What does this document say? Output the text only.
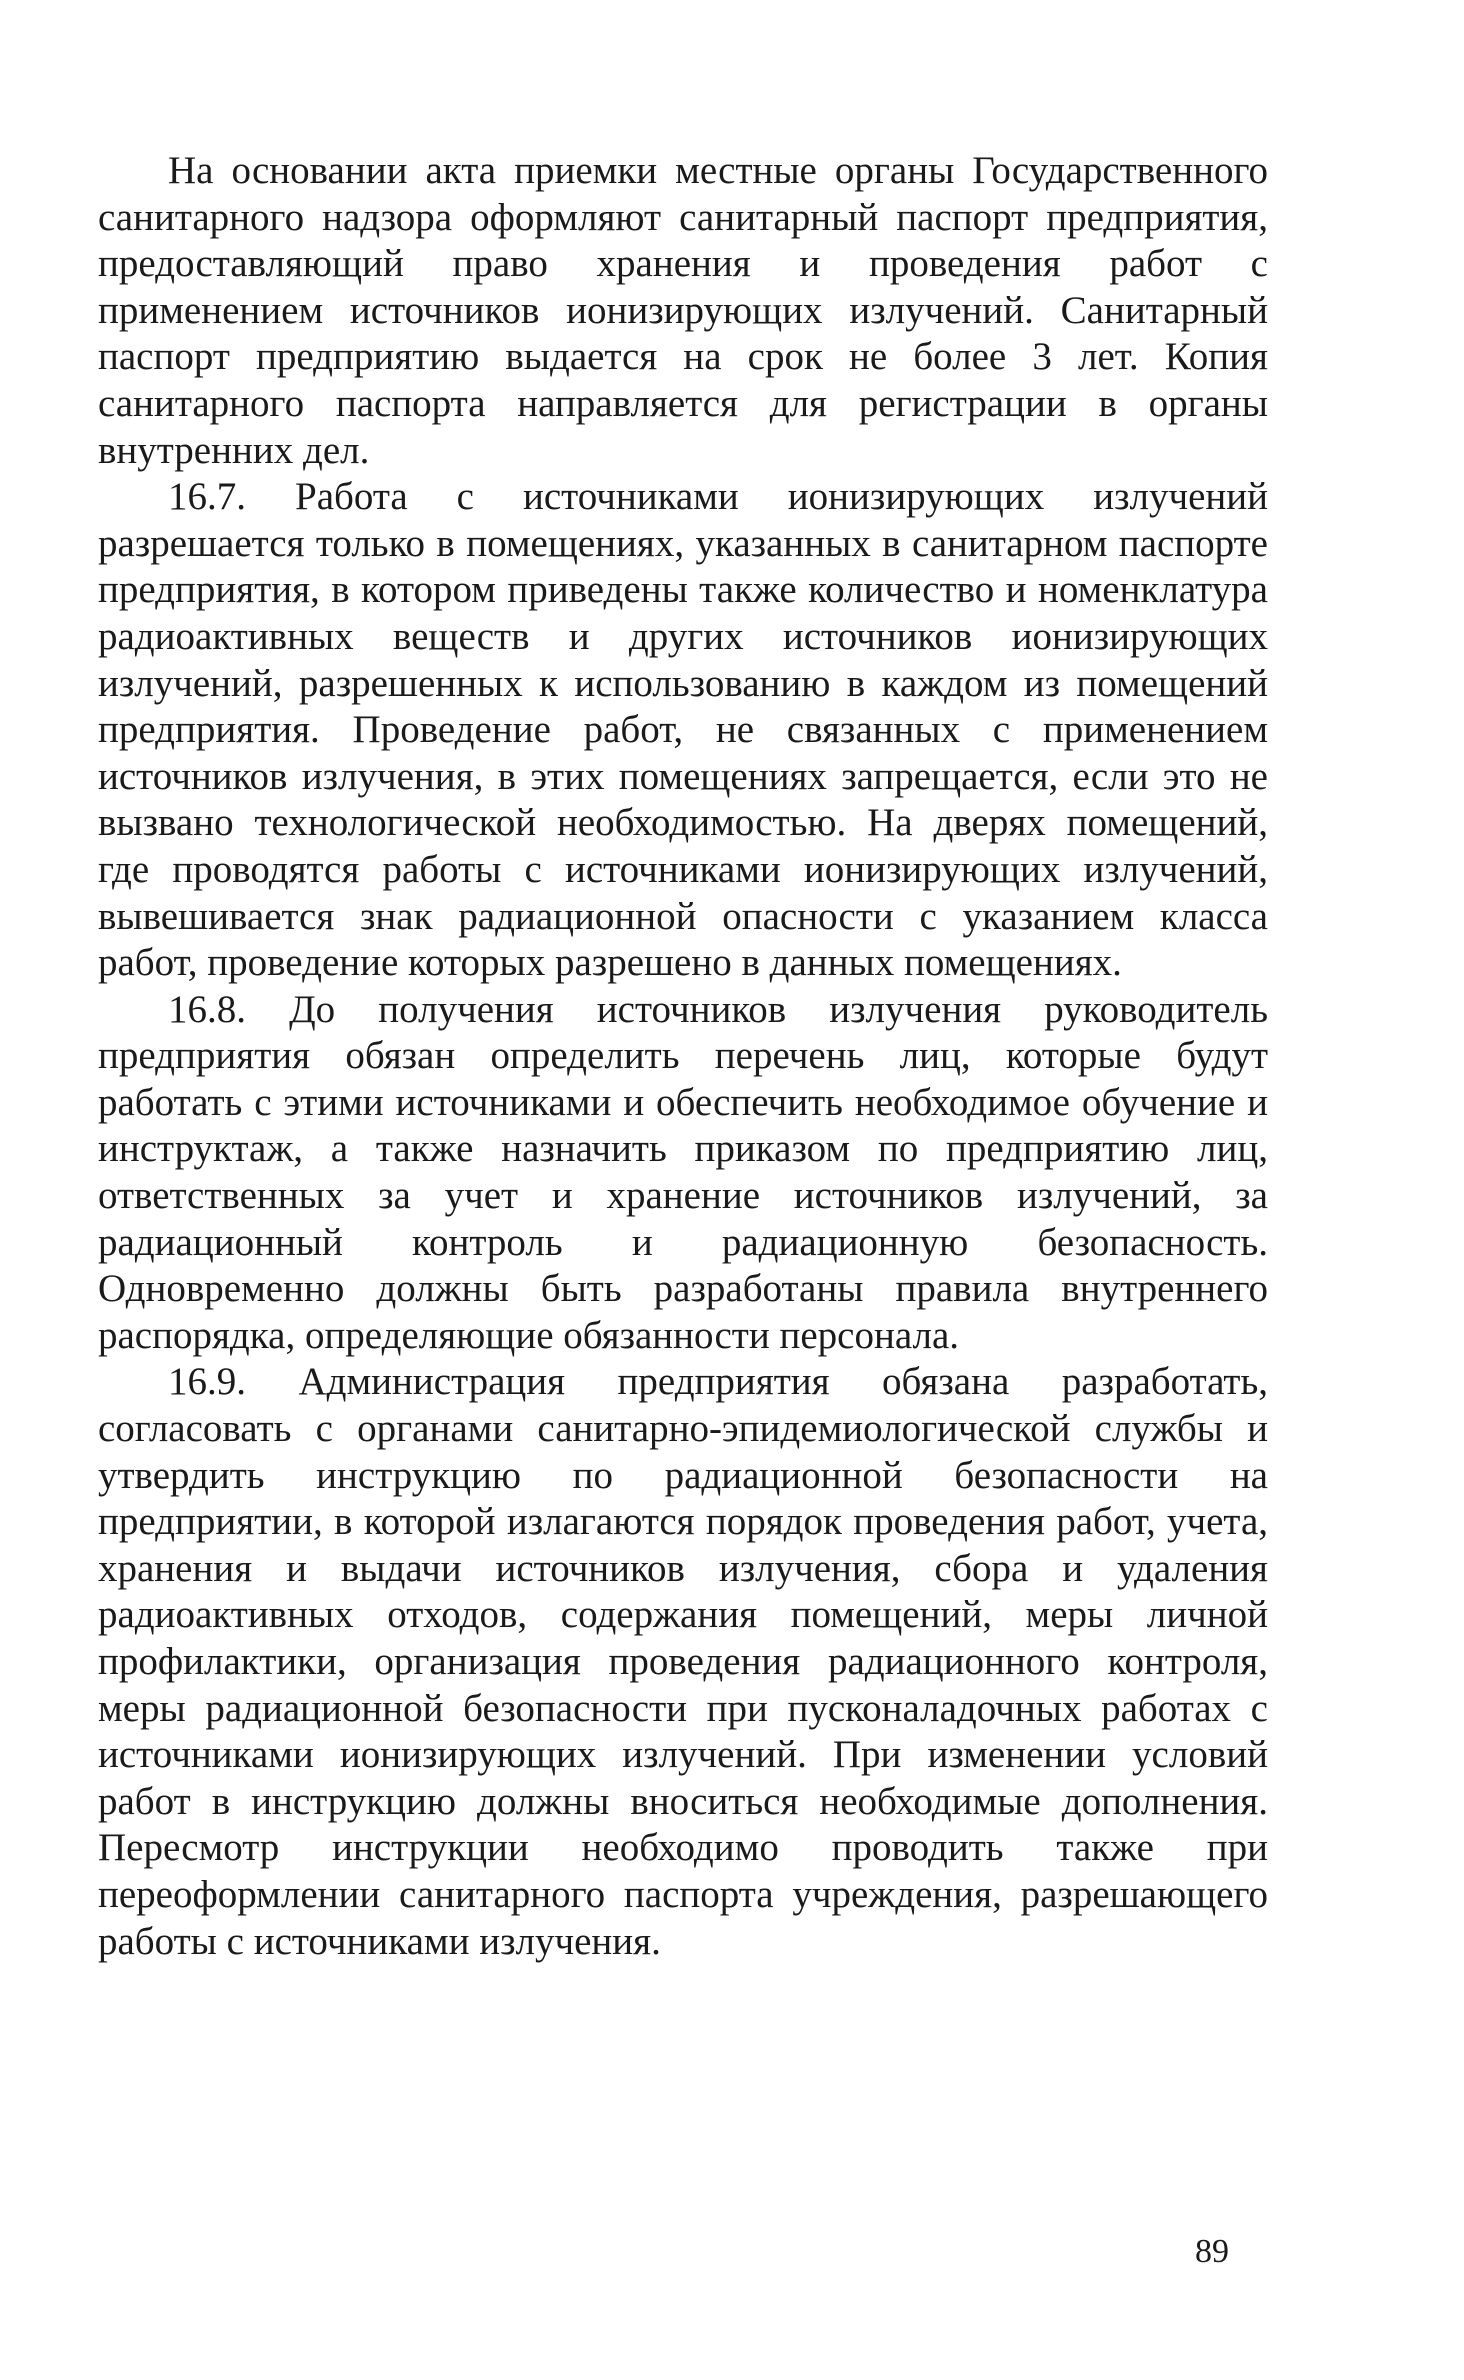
На основании акта приемки местные органы Государственного санитарного надзора оформляют санитарный паспорт предприятия, предоставляющий право хранения и проведения работ с применением источников ионизирующих излучений. Санитарный паспорт предприятию выдается на срок не более 3 лет. Копия санитарного паспорта направляется для регистрации в органы внутренних дел.

16.7. Работа с источниками ионизирующих излучений разрешается только в помещениях, указанных в санитарном паспорте предприятия, в котором приведены также количество и номенклатура радиоактивных веществ и других источников ионизирующих излучений, разрешенных к использованию в каждом из помещений предприятия. Проведение работ, не связанных с применением источников излучения, в этих помещениях запрещается, если это не вызвано технологической необходимостью. На дверях помещений, где проводятся работы с источниками ионизирующих излучений, вывешивается знак радиационной опасности с указанием класса работ, проведение которых разрешено в данных помещениях.

16.8. До получения источников излучения руководитель предприятия обязан определить перечень лиц, которые будут работать с этими источниками и обеспечить необходимое обучение и инструктаж, а также назначить приказом по предприятию лиц, ответственных за учет и хранение источников излучений, за радиационный контроль и радиационную безопасность. Одновременно должны быть разработаны правила внутреннего распорядка, определяющие обязанности персонала.

16.9. Администрация предприятия обязана разработать, согласовать с органами санитарно-эпидемиологической службы и утвердить инструкцию по радиационной безопасности на предприятии, в которой излагаются порядок проведения работ, учета, хранения и выдачи источников излучения, сбора и удаления радиоактивных отходов, содержания помещений, меры личной профилактики, организация проведения радиационного контроля, меры радиационной безопасности при пусконаладочных работах с источниками ионизирующих излучений. При изменении условий работ в инструкцию должны вноситься необходимые дополнения. Пересмотр инструкции необходимо проводить также при переоформлении санитарного паспорта учреждения, разрешающего работы с источниками излучения.

89
